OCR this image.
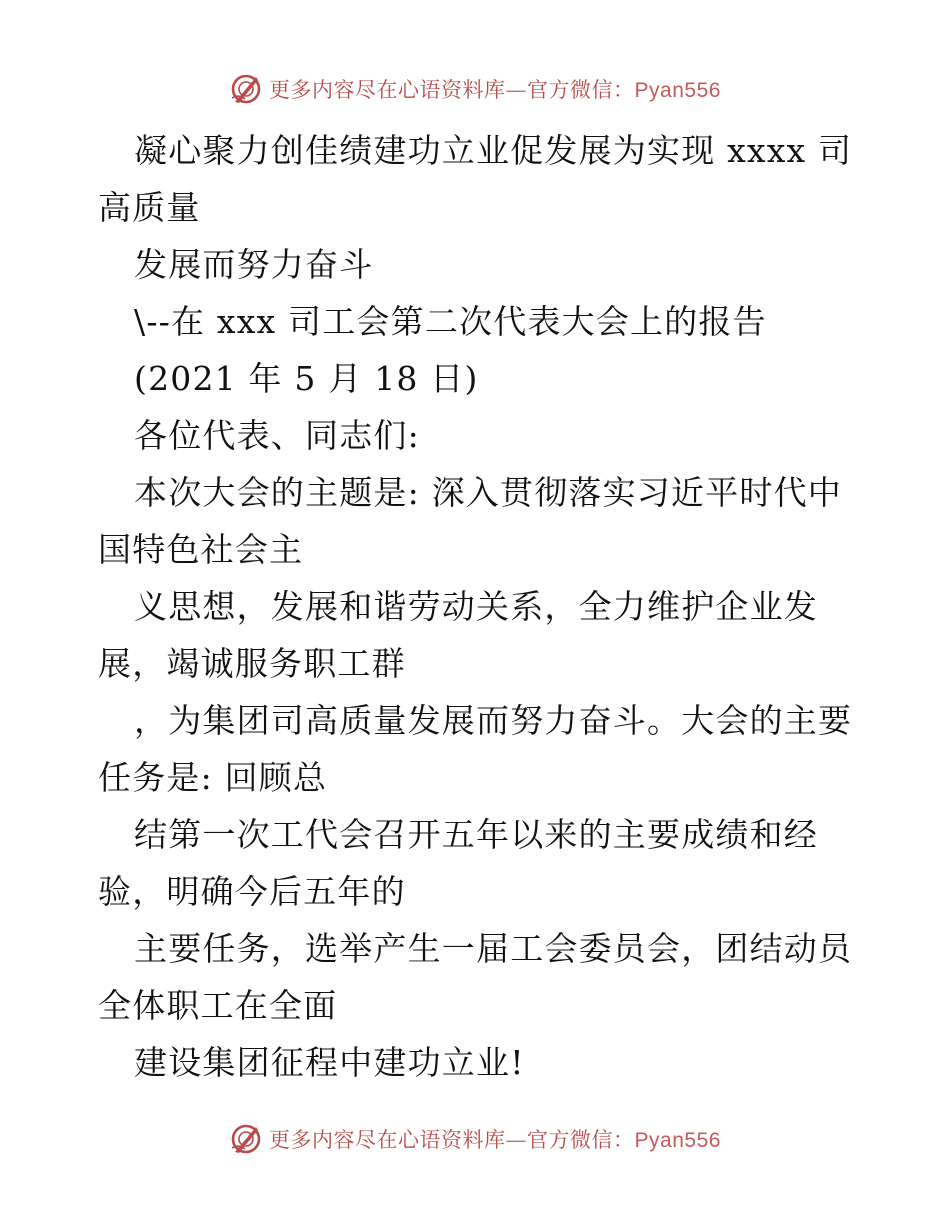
更多内容尽在心语资料库—官方微信：Pyan556
凝心聚力创佳绩建功立业促发展为实现 xxxx 司
高质量
发展而努力奋斗
\--在 xxx 司工会第二次代表大会上的报告
(2021 年 5 月 18 日)
各位代表、同志们:
本次大会的主题是: 深入贯彻落实习近平时代中
国特色社会主
义思想，发展和谐劳动关系，全力维护企业发
展，竭诚服务职工群
，为集团司高质量发展而努力奋斗。大会的主要
任务是: 回顾总
结第一次工代会召开五年以来的主要成绩和经
验，明确今后五年的
主要任务，选举产生一届工会委员会，团结动员
全体职工在全面
建设集团征程中建功立业!
更多内容尽在心语资料库—官方微信：Pyan556
